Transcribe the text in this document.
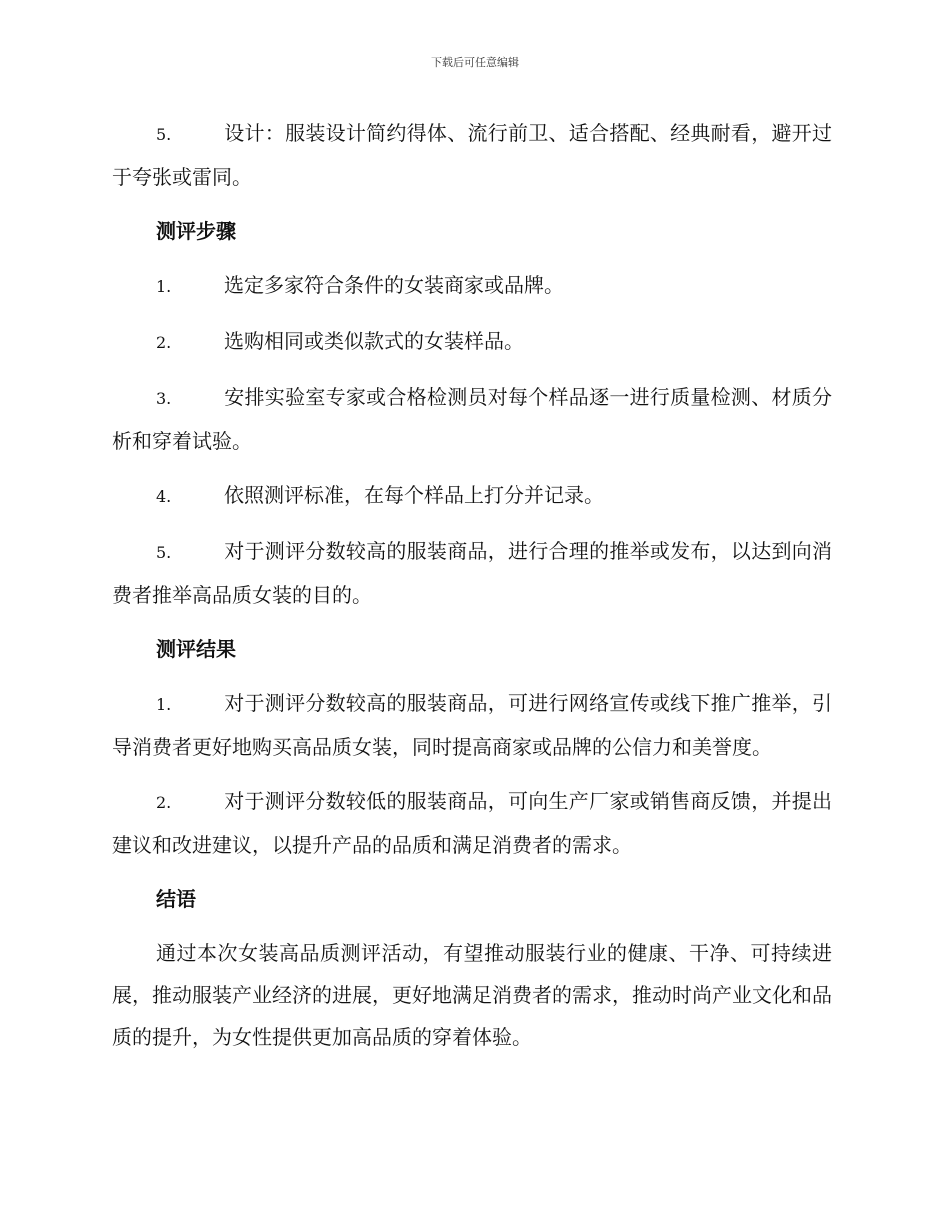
下载后可任意编辑

5.	设计：服装设计简约得体、流行前卫、适合搭配、经典耐看，避开过于夸张或雷同。

测评步骤

1.	选定多家符合条件的女装商家或品牌。

2.	选购相同或类似款式的女装样品。

3.	安排实验室专家或合格检测员对每个样品逐一进行质量检测、材质分析和穿着试验。

4.	依照测评标准，在每个样品上打分并记录。

5.	对于测评分数较高的服装商品，进行合理的推举或发布，以达到向消费者推举高品质女装的目的。

测评结果

1.	对于测评分数较高的服装商品，可进行网络宣传或线下推广推举，引导消费者更好地购买高品质女装，同时提高商家或品牌的公信力和美誉度。

2.	对于测评分数较低的服装商品，可向生产厂家或销售商反馈，并提出建议和改进建议，以提升产品的品质和满足消费者的需求。

结语

通过本次女装高品质测评活动，有望推动服装行业的健康、干净、可持续进展，推动服装产业经济的进展，更好地满足消费者的需求，推动时尚产业文化和品质的提升，为女性提供更加高品质的穿着体验。
